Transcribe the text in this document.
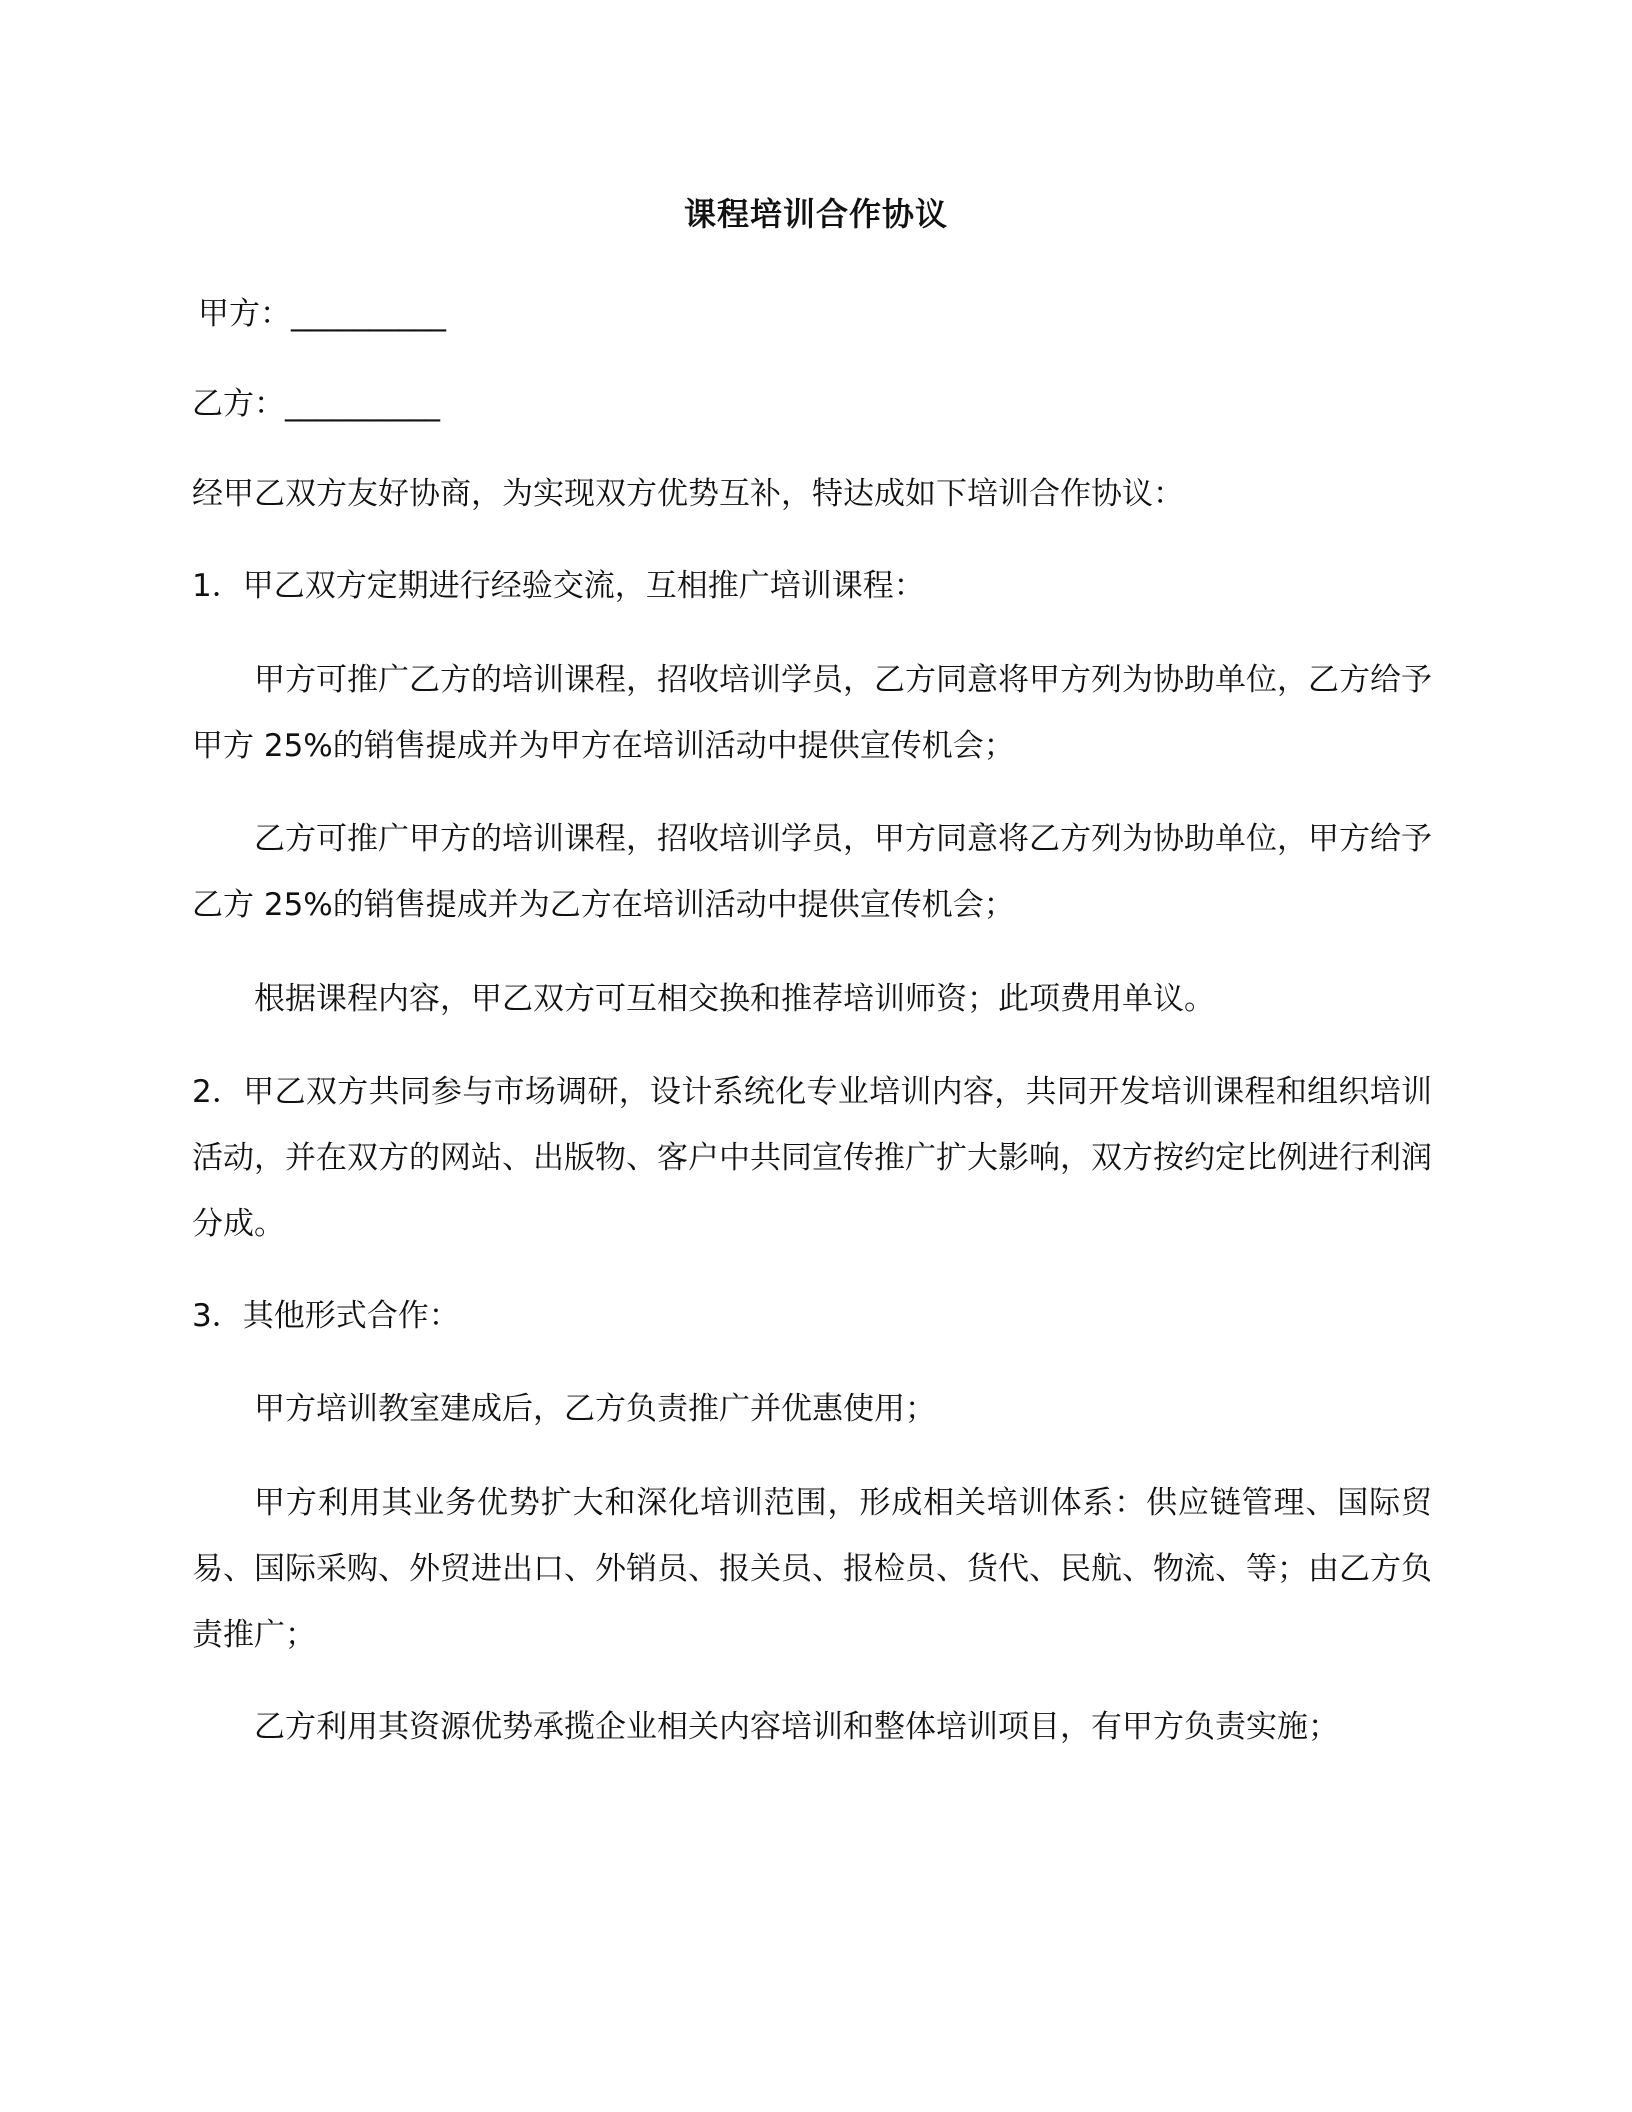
课程培训合作协议
甲方：__________
乙方：__________
经甲乙双方友好协商，为实现双方优势互补，特达成如下培训合作协议：
1．甲乙双方定期进行经验交流，互相推广培训课程：
甲方可推广乙方的培训课程，招收培训学员，乙方同意将甲方列为协助单位，乙方给予甲方 25%的销售提成并为甲方在培训活动中提供宣传机会；
乙方可推广甲方的培训课程，招收培训学员，甲方同意将乙方列为协助单位，甲方给予乙方 25%的销售提成并为乙方在培训活动中提供宣传机会；
根据课程内容，甲乙双方可互相交换和推荐培训师资；此项费用单议。
2．甲乙双方共同参与市场调研，设计系统化专业培训内容，共同开发培训课程和组织培训活动，并在双方的网站、出版物、客户中共同宣传推广扩大影响，双方按约定比例进行利润分成。
3．其他形式合作：
甲方培训教室建成后，乙方负责推广并优惠使用；
甲方利用其业务优势扩大和深化培训范围，形成相关培训体系：供应链管理、国际贸易、国际采购、外贸进出口、外销员、报关员、报检员、货代、民航、物流、等；由乙方负责推广；
乙方利用其资源优势承揽企业相关内容培训和整体培训项目，有甲方负责实施；
